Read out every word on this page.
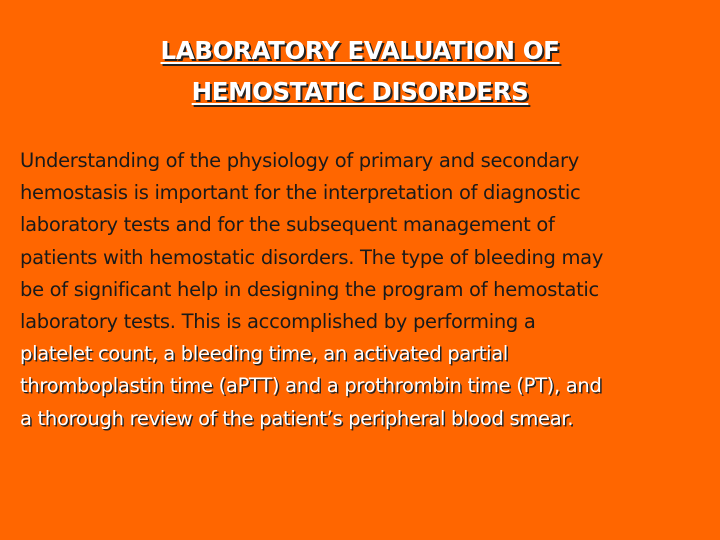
LABORATORY EVALUATION OF
HEMOSTATIC DISORDERS
Understanding of the physiology of primary and secondary
hemostasis is important for the interpretation of diagnostic
laboratory tests and for the subsequent management of
patients with hemostatic disorders. The type of bleeding may
be of significant help in designing the program of hemostatic
laboratory tests. This is accomplished by performing a
platelet count, a bleeding time, an activated partial
thromboplastin time (aPTT) and a prothrombin time (PT), and
a thorough review of the patient’s peripheral blood smear.
